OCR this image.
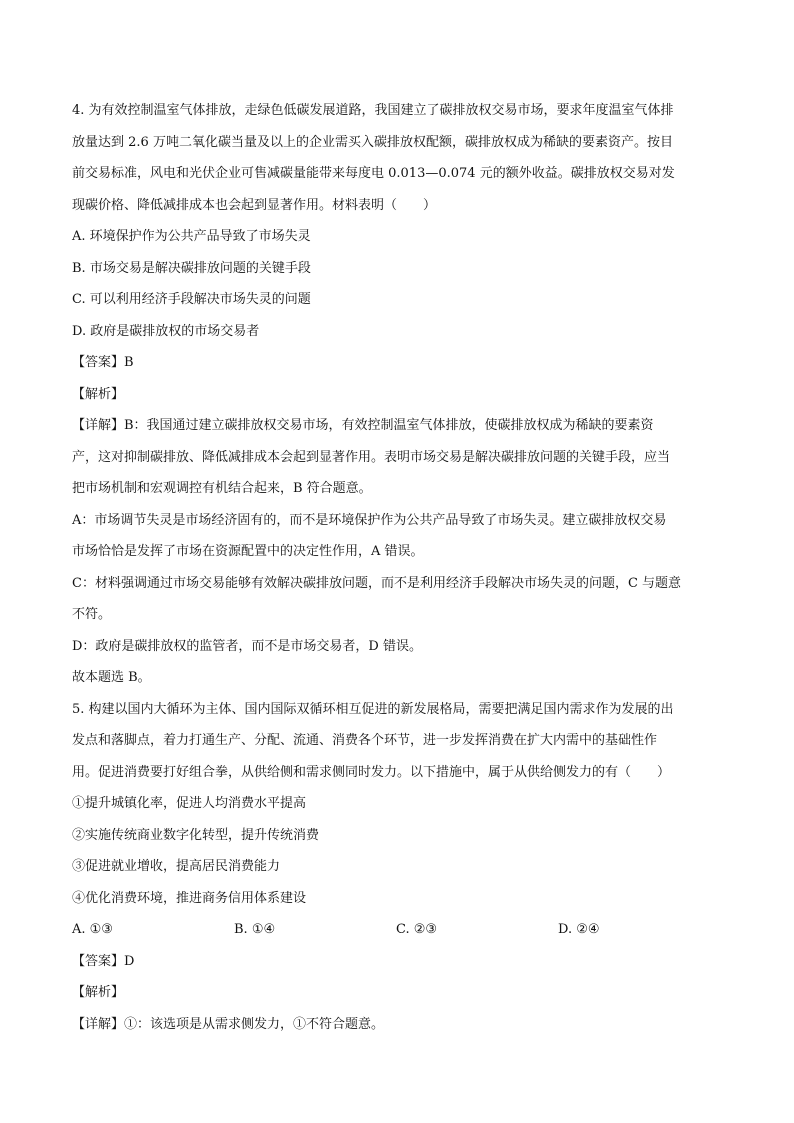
4. 为有效控制温室气体排放，走绿色低碳发展道路，我国建立了碳排放权交易市场，要求年度温室气体排
放量达到 2.6 万吨二氧化碳当量及以上的企业需买入碳排放权配额，碳排放权成为稀缺的要素资产。按目
前交易标准，风电和光伏企业可售减碳量能带来每度电 0.013—0.074 元的额外收益。碳排放权交易对发
现碳价格、降低减排成本也会起到显著作用。材料表明（　　）
A. 环境保护作为公共产品导致了市场失灵
B. 市场交易是解决碳排放问题的关键手段
C. 可以利用经济手段解决市场失灵的问题
D. 政府是碳排放权的市场交易者
【答案】B
【解析】
【详解】B：我国通过建立碳排放权交易市场，有效控制温室气体排放，使碳排放权成为稀缺的要素资
产，这对抑制碳排放、降低减排成本会起到显著作用。表明市场交易是解决碳排放问题的关键手段，应当
把市场机制和宏观调控有机结合起来，B 符合题意。
A：市场调节失灵是市场经济固有的，而不是环境保护作为公共产品导致了市场失灵。建立碳排放权交易
市场恰恰是发挥了市场在资源配置中的决定性作用，A 错误。
C：材料强调通过市场交易能够有效解决碳排放问题，而不是利用经济手段解决市场失灵的问题，C 与题意
不符。
D：政府是碳排放权的监管者，而不是市场交易者，D 错误。
故本题选 B。
5. 构建以国内大循环为主体、国内国际双循环相互促进的新发展格局，需要把满足国内需求作为发展的出
发点和落脚点，着力打通生产、分配、流通、消费各个环节，进一步发挥消费在扩大内需中的基础性作
用。促进消费要打好组合拳，从供给侧和需求侧同时发力。以下措施中，属于从供给侧发力的有（　　）
①提升城镇化率，促进人均消费水平提高
②实施传统商业数字化转型，提升传统消费
③促进就业增收，提高居民消费能力
④优化消费环境，推进商务信用体系建设
A. ①③	B. ①④	C. ②③	D. ②④
【答案】D
【解析】
【详解】①：该选项是从需求侧发力，①不符合题意。
